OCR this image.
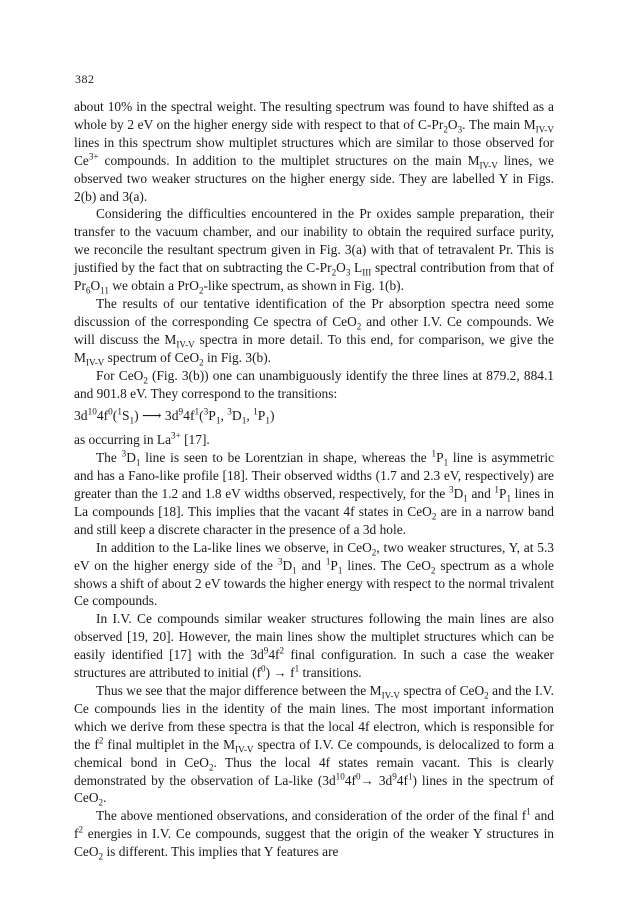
382

about 10% in the spectral weight. The resulting spectrum was found to have shifted as a whole by 2 eV on the higher energy side with respect to that of $C-Pr_2O_3$. The main $M_{IV-V}$ lines in this spectrum show multiplet structures which are similar to those observed for $Ce^{3+}$ compounds. In addition to the multiplet structures on the main $M_{IV-V}$ lines, we observed two weaker structures on the higher energy side. They are labelled Y in Figs. 2(b) and 3(a).

Considering the difficulties encountered in the Pr oxides sample preparation, their transfer to the vacuum chamber, and our inability to obtain the required surface purity, we reconcile the resultant spectrum given in Fig. 3(a) with that of tetravalent Pr. This is justified by the fact that on subtracting the $C-Pr_2O_3$ $L_{III}$ spectral contribution from that of $Pr_6O_{11}$ we obtain a PrO$_2$-like spectrum, as shown in Fig. 1(b).

The results of our tentative identification of the Pr absorption spectra need some discussion of the corresponding Ce spectra of CeO$_2$ and other I.V. Ce compounds. We will discuss the $M_{IV-V}$ spectra in more detail. To this end, for comparison, we give the $M_{IV-V}$ spectrum of CeO$_2$ in Fig. 3(b).

For CeO$_2$ (Fig. 3(b)) one can unambiguously identify the three lines at 879.2, 884.1 and 901.8 eV. They correspond to the transitions:

$3d^{10}4f^0(^1S_1)$ ⟶ $3d^94f^1(^3P_1$, $^3D_1$, $^1P_1$)

as occurring in $La^{3+}$ [17].

The $^3D_1$ line is seen to be Lorentzian in shape, whereas the $^1P_1$ line is asymmetric and has a Fano-like profile [18]. Their observed widths (1.7 and 2.3 eV, respectively) are greater than the 1.2 and 1.8 eV widths observed, respectively, for the $^3D_1$ and $^1P_1$ lines in La compounds [18]. This implies that the vacant 4f states in CeO$_2$ are in a narrow band and still keep a discrete character in the presence of a 3d hole.

In addition to the La-like lines we observe, in CeO$_2$, two weaker structures, Y, at 5.3 eV on the higher energy side of the $^3D_1$ and $^1P_1$ lines. The CeO$_2$ spectrum as a whole shows a shift of about 2 eV towards the higher energy with respect to the normal trivalent Ce compounds.

In I.V. Ce compounds similar weaker structures following the main lines are also observed [19, 20]. However, the main lines show the multiplet structures which can be easily identified [17] with the $3d^94f^2$ final configuration. In such a case the weaker structures are attributed to initial $(f^0) \to f^1$ transitions.

Thus we see that the major difference between the $M_{IV-V}$ spectra of CeO$_2$ and the I.V. Ce compounds lies in the identity of the main lines. The most important information which we derive from these spectra is that the local 4f electron, which is responsible for the $f^2$ final multiplet in the $M_{IV-V}$ spectra of I.V. Ce compounds, is delocalized to form a chemical bond in CeO$_2$. Thus the local 4f states remain vacant. This is clearly demonstrated by the observation of La-like $(3d^{10}4f^0\to 3d^94f^1)$ lines in the spectrum of CeO$_2$.

The above mentioned observations, and consideration of the order of the final $f^1$ and $f^2$ energies in I.V. Ce compounds, suggest that the origin of the weaker Y structures in CeO$_2$ is different. This implies that Y features are
